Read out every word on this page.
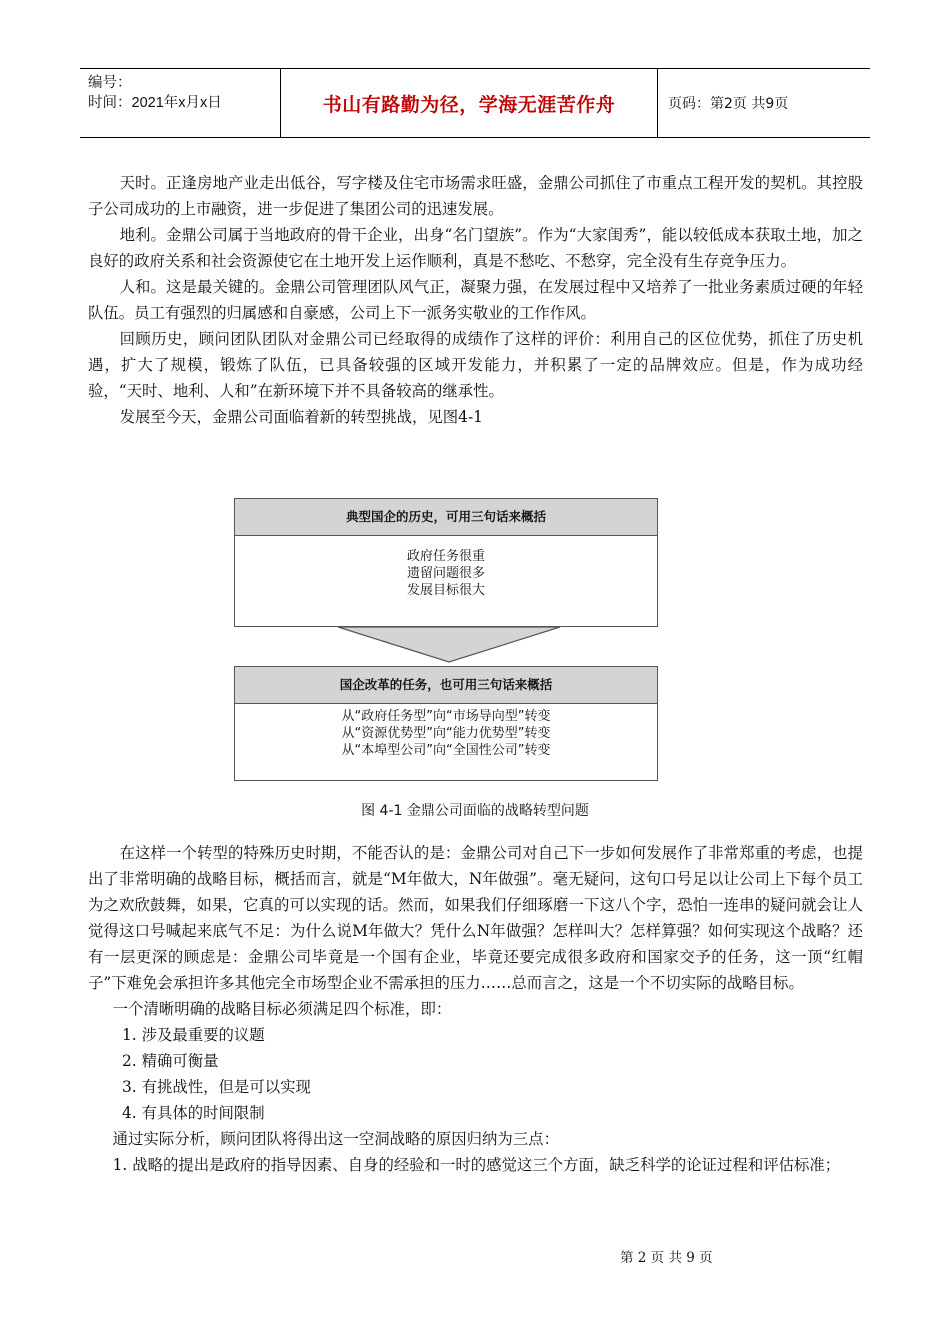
编号：
时间：2021年x月x日	书山有路勤为径，学海无涯苦作舟	页码：第2页 共9页

天时。正逢房地产业走出低谷，写字楼及住宅市场需求旺盛，金鼎公司抓住了市重点工程开发的契机。其控股子公司成功的上市融资，进一步促进了集团公司的迅速发展。

地利。金鼎公司属于当地政府的骨干企业，出身“名门望族”。作为“大家闺秀”，能以较低成本获取土地，加之良好的政府关系和社会资源使它在土地开发上运作顺利，真是不愁吃、不愁穿，完全没有生存竞争压力。

人和。这是最关键的。金鼎公司管理团队风气正，凝聚力强，在发展过程中又培养了一批业务素质过硬的年轻队伍。员工有强烈的归属感和自豪感，公司上下一派务实敬业的工作作风。

回顾历史，顾问团队团队对金鼎公司已经取得的成绩作了这样的评价：利用自己的区位优势，抓住了历史机遇，扩大了规模，锻炼了队伍，已具备较强的区域开发能力，并积累了一定的品牌效应。但是，作为成功经验，“天时、地利、人和”在新环境下并不具备较高的继承性。

发展至今天，金鼎公司面临着新的转型挑战，见图4-1

典型国企的历史，可用三句话来概括
政府任务很重
遗留问题很多
发展目标很大
国企改革的任务，也可用三句话来概括
从“政府任务型”向“市场导向型”转变
从“资源优势型”向“能力优势型”转变
从“本埠型公司”向“全国性公司”转变
图 4-1 金鼎公司面临的战略转型问题

在这样一个转型的特殊历史时期，不能否认的是：金鼎公司对自己下一步如何发展作了非常郑重的考虑，也提出了非常明确的战略目标，概括而言，就是“M年做大，N年做强”。毫无疑问，这句口号足以让公司上下每个员工为之欢欣鼓舞，如果，它真的可以实现的话。然而，如果我们仔细琢磨一下这八个字，恐怕一连串的疑问就会让人觉得这口号喊起来底气不足：为什么说M年做大？凭什么N年做强？怎样叫大？怎样算强？如何实现这个战略？还有一层更深的顾虑是：金鼎公司毕竟是一个国有企业，毕竟还要完成很多政府和国家交予的任务，这一顶“红帽子”下难免会承担许多其他完全市场型企业不需承担的压力……总而言之，这是一个不切实际的战略目标。

一个清晰明确的战略目标必须满足四个标准，即：

1. 涉及最重要的议题

2. 精确可衡量

3. 有挑战性，但是可以实现

4. 有具体的时间限制

通过实际分析，顾问团队将得出这一空洞战略的原因归纳为三点：

1. 战略的提出是政府的指导因素、自身的经验和一时的感觉这三个方面，缺乏科学的论证过程和评估标准；

第 2 页 共 9 页
